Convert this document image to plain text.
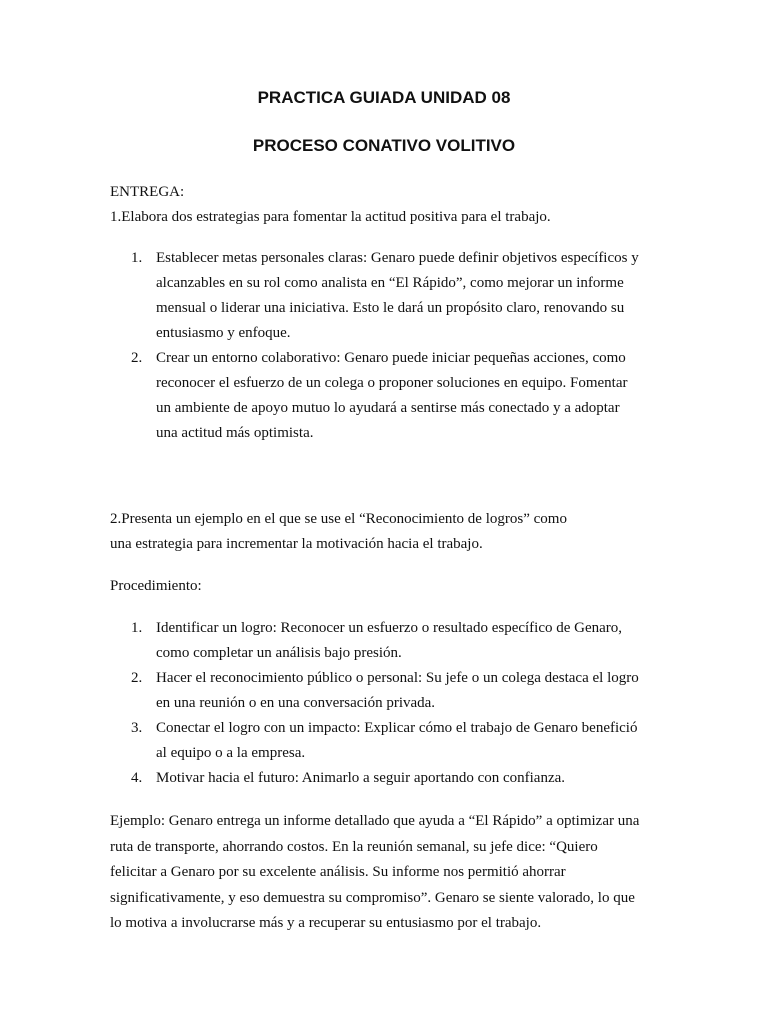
PRACTICA GUIADA UNIDAD 08
PROCESO CONATIVO VOLITIVO
ENTREGA:
1.Elabora dos estrategias para fomentar la actitud positiva para el trabajo.
1. Establecer metas personales claras: Genaro puede definir objetivos específicos y
alcanzables en su rol como analista en “El Rápido”, como mejorar un informe
mensual o liderar una iniciativa. Esto le dará un propósito claro, renovando su
entusiasmo y enfoque.
2. Crear un entorno colaborativo: Genaro puede iniciar pequeñas acciones, como
reconocer el esfuerzo de un colega o proponer soluciones en equipo. Fomentar
un ambiente de apoyo mutuo lo ayudará a sentirse más conectado y a adoptar
una actitud más optimista.
2.Presenta un ejemplo en el que se use el “Reconocimiento de logros” como
una estrategia para incrementar la motivación hacia el trabajo.
Procedimiento:
1. Identificar un logro: Reconocer un esfuerzo o resultado específico de Genaro,
como completar un análisis bajo presión.
2. Hacer el reconocimiento público o personal: Su jefe o un colega destaca el logro
en una reunión o en una conversación privada.
3. Conectar el logro con un impacto: Explicar cómo el trabajo de Genaro benefició
al equipo o a la empresa.
4. Motivar hacia el futuro: Animarlo a seguir aportando con confianza.
Ejemplo: Genaro entrega un informe detallado que ayuda a “El Rápido” a optimizar una
ruta de transporte, ahorrando costos. En la reunión semanal, su jefe dice: “Quiero
felicitar a Genaro por su excelente análisis. Su informe nos permitió ahorrar
significativamente, y eso demuestra su compromiso”. Genaro se siente valorado, lo que
lo motiva a involucrarse más y a recuperar su entusiasmo por el trabajo.
